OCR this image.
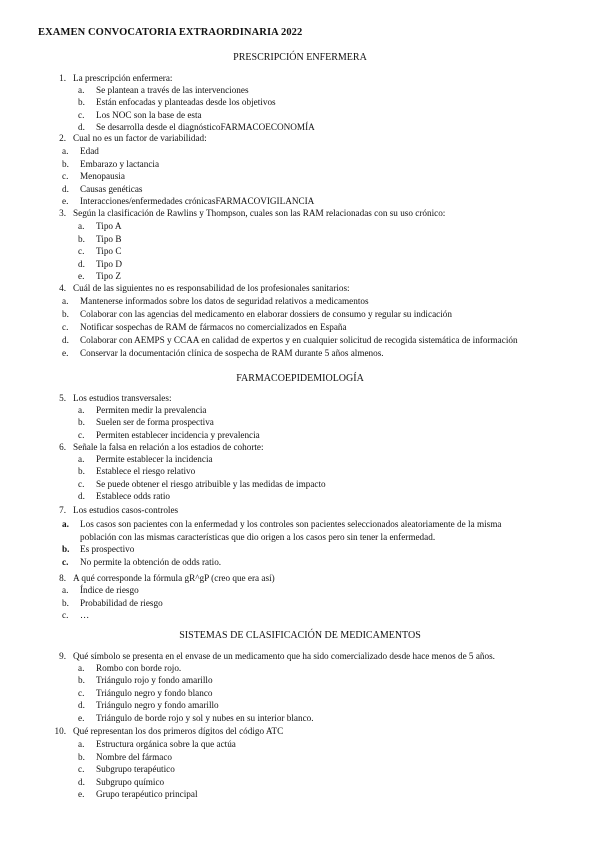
EXAMEN CONVOCATORIA EXTRAORDINARIA 2022
PRESCRIPCIÓN ENFERMERA
FARMACOEPIDEMIOLOGÍA
SISTEMAS DE CLASIFICACIÓN DE MEDICAMENTOS
1. La prescripción enfermera:
a. Se plantean a través de las intervenciones
b. Están enfocadas y planteadas desde los objetivos
c. Los NOC son la base de esta
d. Se desarrolla desde el diagnósticoFARMACOECONOMÍA
2. Cual no es un factor de variabilidad:
a. Edad
b. Embarazo y lactancia
c. Menopausia
d. Causas genéticas
e. Interacciones/enfermedades crónicasFARMACOVIGILANCIA
3. Según la clasificación de Rawlins y Thompson, cuales son las RAM relacionadas con su uso crónico:
a. Tipo A
b. Tipo B
c. Tipo C
d. Tipo D
e. Tipo Z
4. Cuál de las siguientes no es responsabilidad de los profesionales sanitarios:
a. Mantenerse informados sobre los datos de seguridad relativos a medicamentos
b. Colaborar con las agencias del medicamento en elaborar dossiers de consumo y regular su indicación
c. Notificar sospechas de RAM de fármacos no comercializados en España
d. Colaborar con AEMPS y CCAA en calidad de expertos y en cualquier solicitud de recogida sistemática de información
e. Conservar la documentación clínica de sospecha de RAM durante 5 años almenos.
5. Los estudios transversales:
a. Permiten medir la prevalencia
b. Suelen ser de forma prospectiva
c. Permiten establecer incidencia y prevalencia
6. Señale la falsa en relación a los estadios de cohorte:
a. Permite establecer la incidencia
b. Establece el riesgo relativo
c. Se puede obtener el riesgo atribuible y las medidas de impacto
d. Establece odds ratio
7. Los estudios casos-controles
a. Los casos son pacientes con la enfermedad y los controles son pacientes seleccionados aleatoriamente de la misma
población con las mismas características que dio origen a los casos pero sin tener la enfermedad.
b. Es prospectivo
c. No permite la obtención de odds ratio.
8. A qué corresponde la fórmula gR^gP (creo que era así)
a. Índice de riesgo
b. Probabilidad de riesgo
c. …
9. Qué símbolo se presenta en el envase de un medicamento que ha sido comercializado desde hace menos de 5 años.
a. Rombo con borde rojo.
b. Triángulo rojo y fondo amarillo
c. Triángulo negro y fondo blanco
d. Triángulo negro y fondo amarillo
e. Triángulo de borde rojo y sol y nubes en su interior blanco.
10. Qué representan los dos primeros dígitos del código ATC
a. Estructura orgánica sobre la que actúa
b. Nombre del fármaco
c. Subgrupo terapéutico
d. Subgrupo químico
e. Grupo terapéutico principal
